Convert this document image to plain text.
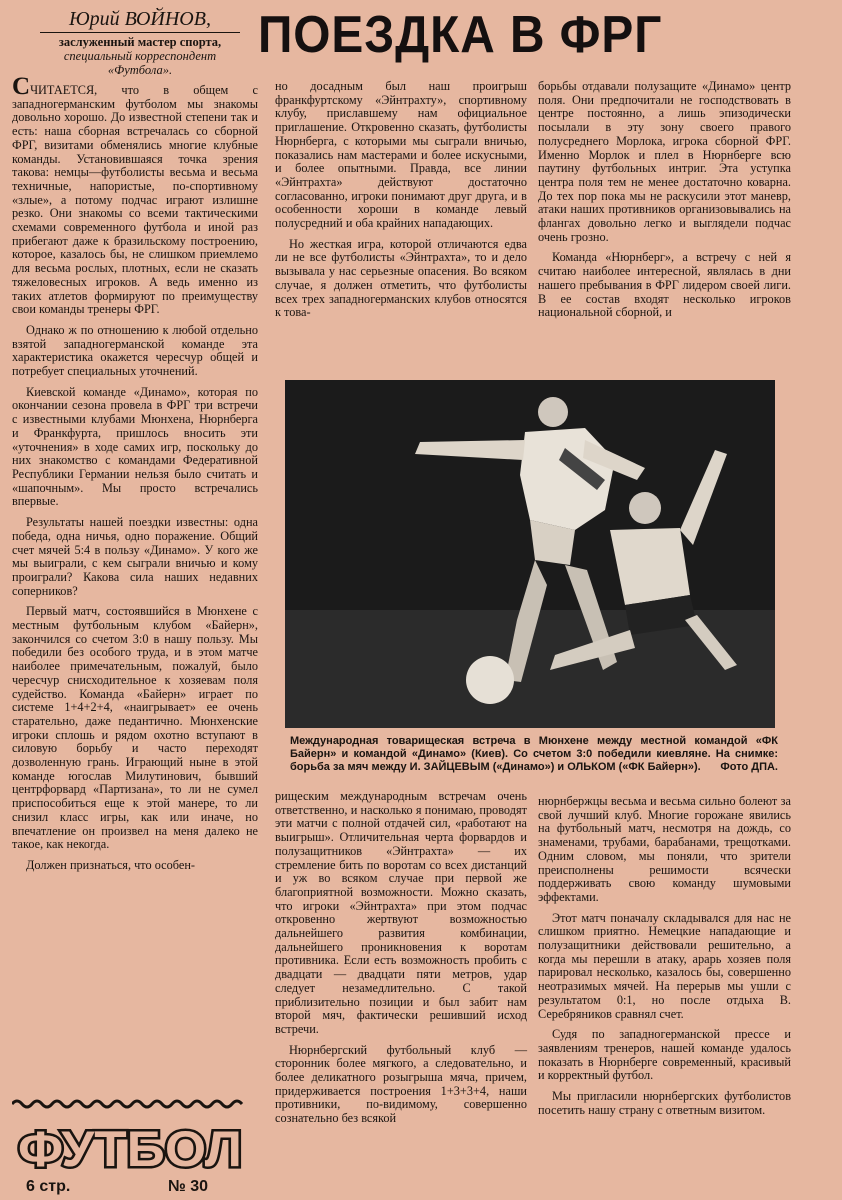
Юрий ВОЙНОВ,
заслуженный мастер спорта,
специальный корреспондент
«Футбола».
ПОЕЗДКА В ФРГ

СЧИТАЕТСЯ, что в общем с западногерманским футболом мы знакомы довольно хорошо. До известной степени так и есть: наша сборная встречалась со сборной ФРГ, визитами обменялись многие клубные команды. Установившаяся точка зрения такова: немцы—футболисты весьма и весьма техничные, напористые, по-спортивному «злые», а потому подчас играют излишне резко. Они знакомы со всеми тактическими схемами современного футбола и иной раз прибегают даже к бразильскому построению, которое, казалось бы, не слишком приемлемо для весьма рослых, плотных, если не сказать тяжеловесных игроков. А ведь именно из таких атлетов формируют по преимуществу свои команды тренеры ФРГ.

Однако ж по отношению к любой отдельно взятой западногерманской команде эта характеристика окажется чересчур общей и потребует специальных уточнений.

Киевской команде «Динамо», которая по окончании сезона провела в ФРГ три встречи с известными клубами Мюнхена, Нюрнберга и Франкфурта, пришлось вносить эти «уточнения» в ходе самих игр, поскольку до них знакомство с командами Федеративной Республики Германии нельзя было считать и «шапочным». Мы просто встречались впервые.

Результаты нашей поездки известны: одна победа, одна ничья, одно поражение. Общий счет мячей 5:4 в пользу «Динамо». У кого же мы выиграли, с кем сыграли вничью и кому проиграли? Какова сила наших недавних соперников?

Первый матч, состоявшийся в Мюнхене с местным футбольным клубом «Байерн», закончился со счетом 3:0 в нашу пользу. Мы победили без особого труда, и в этом матче наиболее примечательным, пожалуй, было чересчур снисходительное к хозяевам поля судейство. Команда «Байерн» играет по системе 1+4+2+4, «наигрывает» ее очень старательно, даже педантично. Мюнхенские игроки сплошь и рядом охотно вступают в силовую борьбу и часто переходят дозволенную грань. Играющий ныне в этой команде югослав Милутинович, бывший центрфорвард «Партизана», то ли не сумел приспособиться еще к этой манере, то ли снизил класс игры, как или иначе, но впечатление он произвел на меня далеко не такое, как некогда.

Должен признаться, что особен-

но досадным был наш проигрыш франкфуртскому «Эйнтрахту», спортивному клубу, приславшему нам официальное приглашение. Откровенно сказать, футболисты Нюрнберга, с которыми мы сыграли вничью, показались нам мастерами и более искусными, и более опытными. Правда, все линии «Эйнтрахта» действуют достаточно согласованно, игроки понимают друг друга, и в особенности хороши в команде левый полусредний и оба крайних нападающих.

Но жесткая игра, которой отличаются едва ли не все футболисты «Эйнтрахта», то и дело вызывала у нас серьезные опасения. Во всяком случае, я должен отметить, что футболисты всех трех западногерманских клубов относятся к това-

борьбы отдавали полузащите «Динамо» центр поля. Они предпочитали не господствовать в центре постоянно, а лишь эпизодически посылали в эту зону своего правого полусреднего Морлока, игрока сборной ФРГ. Именно Морлок и плел в Нюрнберге всю паутину футбольных интриг. Эта уступка центра поля тем не менее достаточно коварна. До тех пор пока мы не раскусили этот маневр, атаки наших противников организовывались на флангах довольно легко и выглядели подчас очень грозно.

Команда «Нюрнберг», а встречу с ней я считаю наиболее интересной, являлась в дни нашего пребывания в ФРГ лидером своей лиги. В ее состав входят несколько игроков национальной сборной, и

Международная товарищеская встреча в Мюнхене между местной командой «ФК Байерн» и командой «Динамо» (Киев). Со счетом 3:0 победили киевляне. На снимке: борьба за мяч между И. ЗАЙЦЕВЫМ («Динамо») и ОЛЬКОМ («ФК Байерн»). Фото ДПА.

рищеским международным встречам очень ответственно, и насколько я понимаю, проводят эти матчи с полной отдачей сил, «работают на выигрыш». Отличительная черта форвардов и полузащитников «Эйнтрахта» — их стремление бить по воротам со всех дистанций и уж во всяком случае при первой же благоприятной возможности. Можно сказать, что игроки «Эйнтрахта» при этом подчас откровенно жертвуют возможностью дальнейшего развития комбинации, дальнейшего проникновения к воротам противника. Если есть возможность пробить с двадцати — двадцати пяти метров, удар следует незамедлительно. С такой приблизительно позиции и был забит нам второй мяч, фактически решивший исход встречи.

Нюрнбергский футбольный клуб — сторонник более мягкого, а следовательно, и более деликатного розыгрыша мяча, причем, придерживается построения 1+3+3+4, наши противники, по-видимому, совершенно сознательно без всякой

нюрнбержцы весьма и весьма сильно болеют за свой лучший клуб. Многие горожане явились на футбольный матч, несмотря на дождь, со знаменами, трубами, барабанами, трещотками. Одним словом, мы поняли, что зрители преисполнены решимости всячески поддерживать свою команду шумовыми эффектами.

Этот матч поначалу складывался для нас не слишком приятно. Немецкие нападающие и полузащитники действовали решительно, а когда мы перешли в атаку, арарь хозяев поля парировал несколько, казалось бы, совершенно неотразимых мячей. На перерыв мы ушли с результатом 0:1, но после отдыха В. Серебряников сравнял счет.

Судя по западногерманской прессе и заявлениям тренеров, нашей команде удалось показать в Нюрнберге современный, красивый и корректный футбол.

Мы пригласили нюрнбергских футболистов посетить нашу страну с ответным визитом.

ФУТБОЛ
6 стр.	№ 30
